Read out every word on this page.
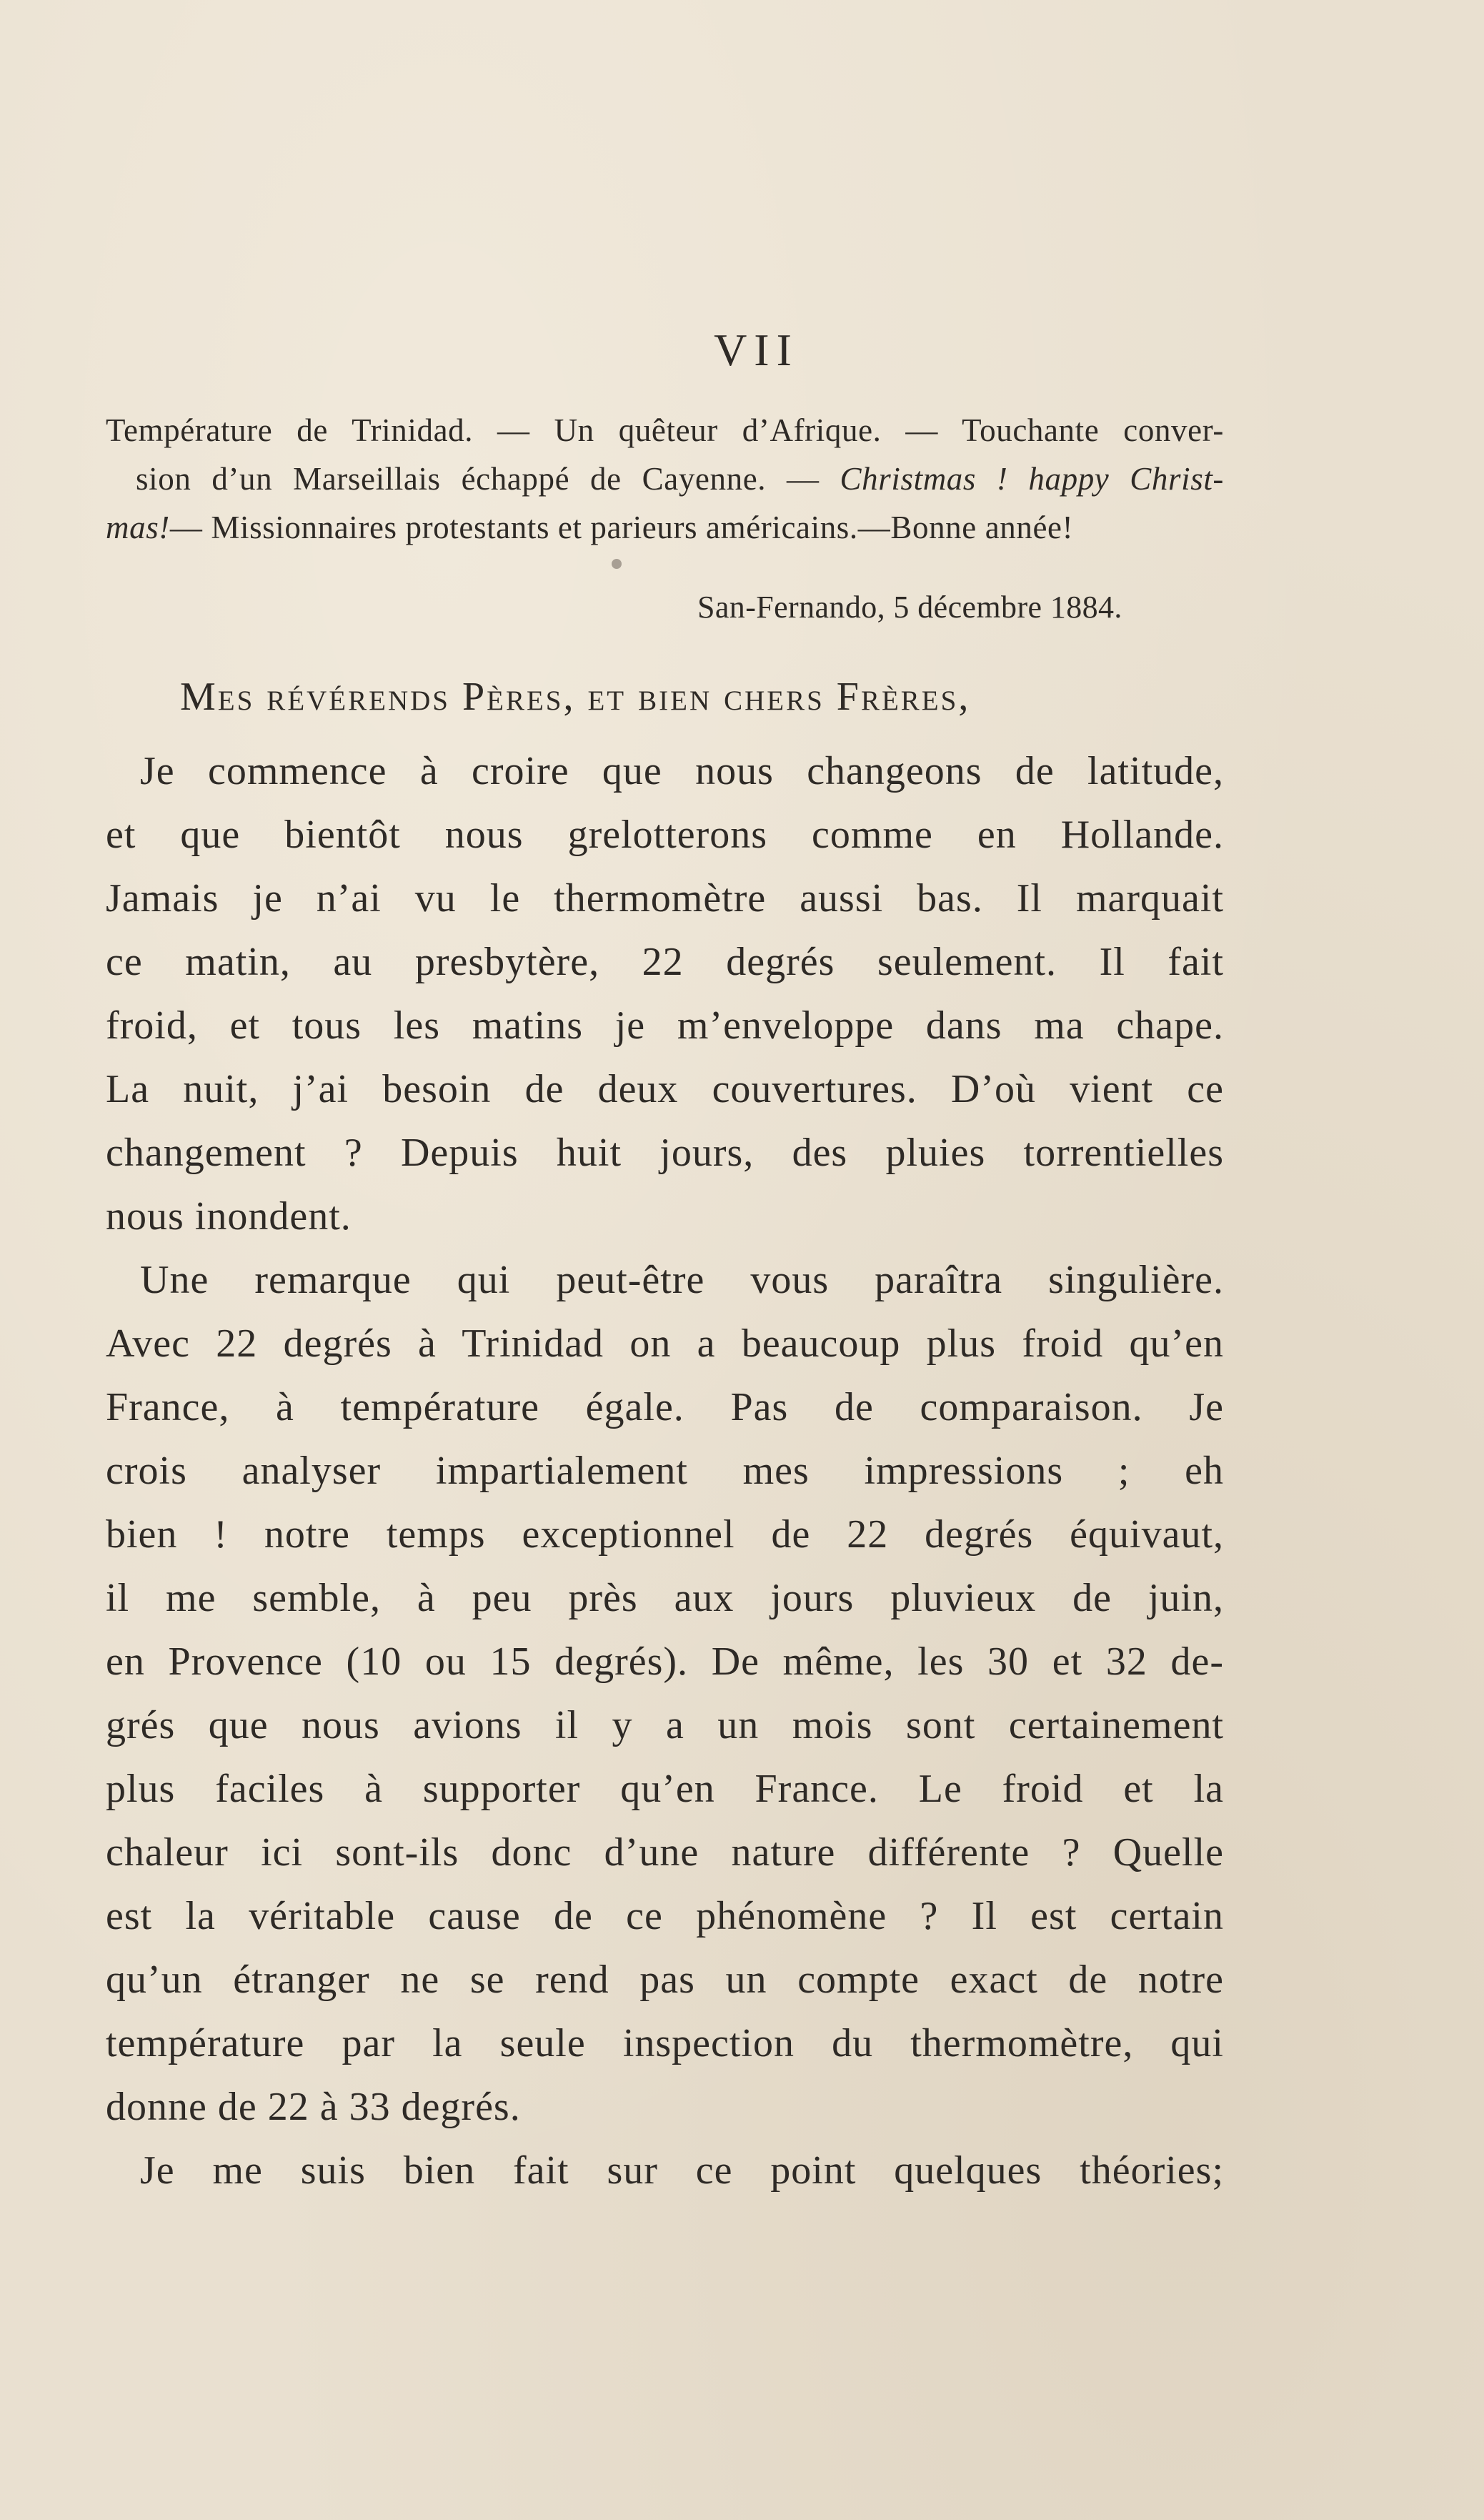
VII
Température de Trinidad. — Un quêteur d’Afrique. — Touchante conver-
sion d’un Marseillais échappé de Cayenne. — Christmas ! happy Christ-
mas!— Missionnaires protestants et parieurs américains.—Bonne année!
San-Fernando, 5 décembre 1884.
Mes révérends Pères, et bien chers Frères,
Je commence à croire que nous changeons de latitude,
et que bientôt nous grelotterons comme en Hollande.
Jamais je n’ai vu le thermomètre aussi bas. Il marquait
ce matin, au presbytère, 22 degrés seulement. Il fait
froid, et tous les matins je m’enveloppe dans ma chape.
La nuit, j’ai besoin de deux couvertures. D’où vient ce
changement ? Depuis huit jours, des pluies torrentielles
nous inondent.
Une remarque qui peut-être vous paraîtra singulière.
Avec 22 degrés à Trinidad on a beaucoup plus froid qu’en
France, à température égale. Pas de comparaison. Je
crois analyser impartialement mes impressions ; eh
bien ! notre temps exceptionnel de 22 degrés équivaut,
il me semble, à peu près aux jours pluvieux de juin,
en Provence (10 ou 15 degrés). De même, les 30 et 32 de-
grés que nous avions il y a un mois sont certainement
plus faciles à supporter qu’en France. Le froid et la
chaleur ici sont-ils donc d’une nature différente ? Quelle
est la véritable cause de ce phénomène ? Il est certain
qu’un étranger ne se rend pas un compte exact de notre
température par la seule inspection du thermomètre, qui
donne de 22 à 33 degrés.
Je me suis bien fait sur ce point quelques théories;
